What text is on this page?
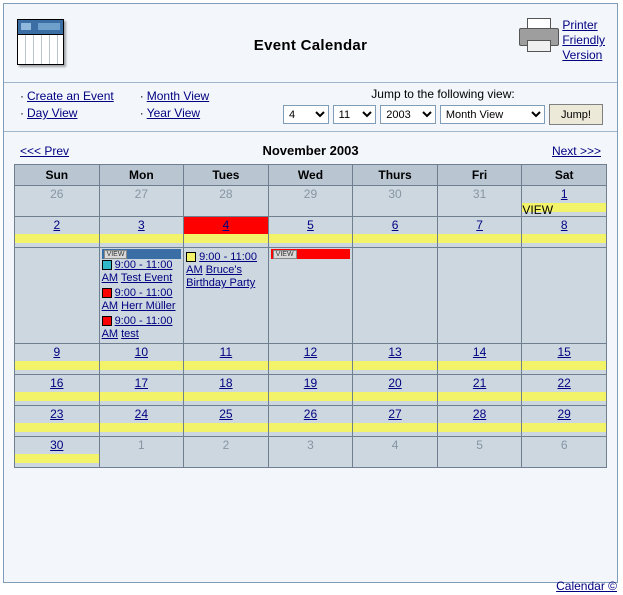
Event Calendar
Printer
Friendly
Version
· Create an Event
· Day View
· Month View
· Year View
Jump to the following view:
4
11
2003
Month View
Jump!
<<< Prev	November 2003	Next >>>
Sun	Mon	Tues	Wed	Thurs	Fri	Sat

26	27	28	29	30	31	1
VIEW

2	3	4	5	6	7	8

	VIEW
9:00 - 11:00 AM Test Event
9:00 - 11:00 AM Herr Müller
9:00 - 11:00 AM test	9:00 - 11:00 AM Bruce's Birthday Party	VIEW			

9	10	11	12	13	14	15

16	17	18	19	20	21	22

23	24	25	26	27	28	29

30	1	2	3	4	5	6
Calendar ©
